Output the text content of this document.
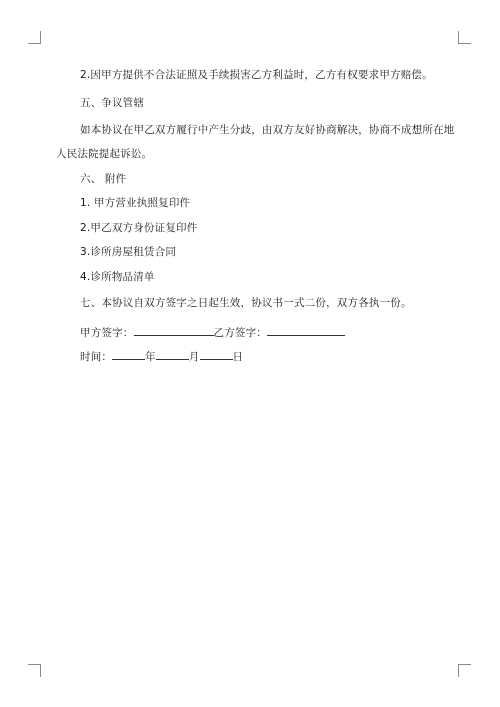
2.因甲方提供不合法证照及手续损害乙方利益时，乙方有权要求甲方赔偿。
五、争议管辖
如本协议在甲乙双方履行中产生分歧，由双方友好协商解决，协商不成想所在地
人民法院提起诉讼。
六、 附件
1. 甲方营业执照复印件
2.甲乙双方身份证复印件
3.诊所房屋租赁合同
4.诊所物品清单
七、本协议自双方签字之日起生效，协议书一式二份，双方各执一份。
甲方签字：	乙方签字：
时间：	年	月	日
